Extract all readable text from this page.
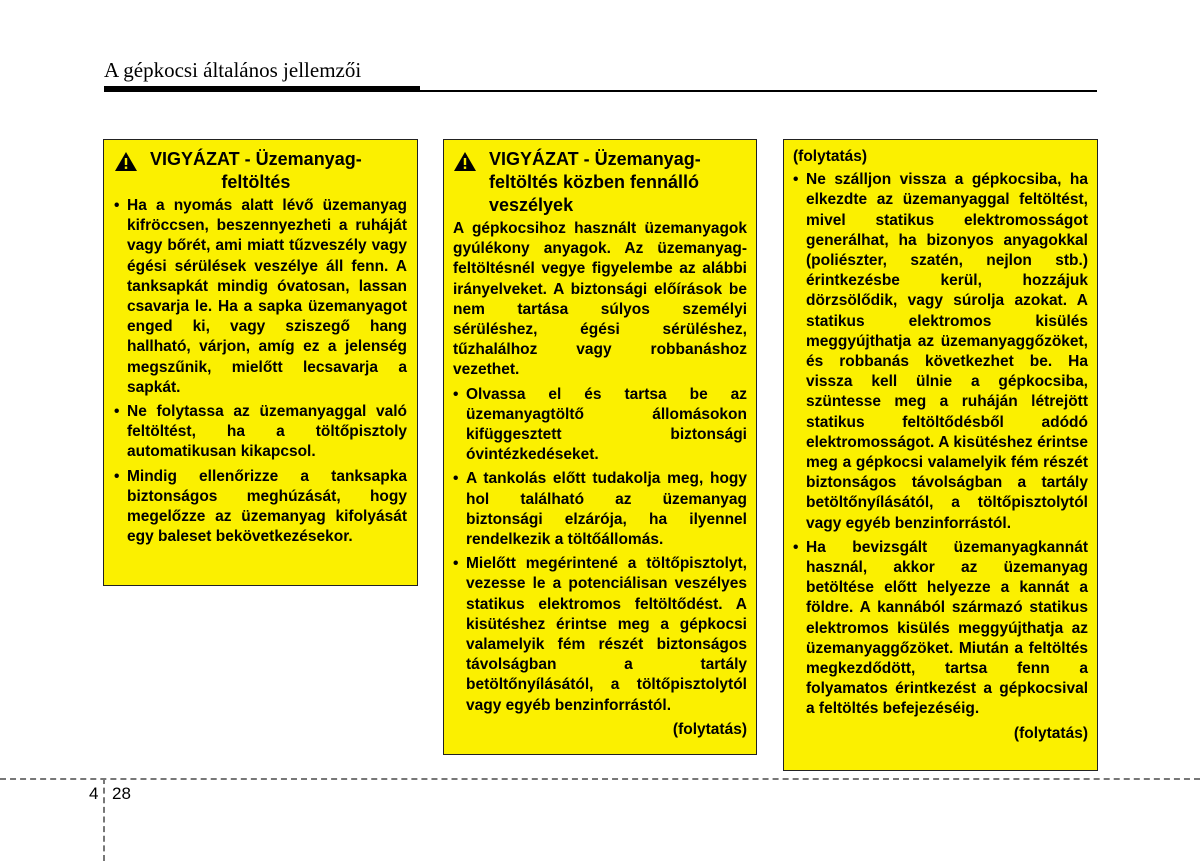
A gépkocsi általános jellemzői
VIGYÁZAT - Üzemanyag-
feltöltés
• Ha a nyomás alatt lévő üzemanyag kifröccsen, beszennyezheti a ruháját vagy bőrét, ami miatt tűzveszély vagy égési sérülések veszélye áll fenn. A tanksapkát mindig óvatosan, lassan csavarja le. Ha a sapka üzemanyagot enged ki, vagy sziszegő hang hallható, várjon, amíg ez a jelenség megszűnik, mielőtt lecsavarja a sapkát.
• Ne folytassa az üzemanyaggal való feltöltést, ha a töltőpisztoly automatikusan kikapcsol.
• Mindig ellenőrizze a tanksapka biztonságos meghúzását, hogy megelőzze az üzemanyag kifolyását egy baleset bekövetkezésekor.
VIGYÁZAT - Üzemanyag-feltöltés közben fennálló veszélyek
A gépkocsihoz használt üzemanyagok gyúlékony anyagok. Az üzemanyag-feltöltésnél vegye figyelembe az alábbi irányelveket. A biztonsági előírások be nem tartása súlyos személyi sérüléshez, égési sérüléshez, tűzhalálhoz vagy robbanáshoz vezethet.
• Olvassa el és tartsa be az üzemanyagtöltő állomásokon kifüggesztett biztonsági óvintézkedéseket.
• A tankolás előtt tudakolja meg, hogy hol található az üzemanyag biztonsági elzárója, ha ilyennel rendelkezik a töltőállomás.
• Mielőtt megérintené a töltőpisztolyt, vezesse le a potenciálisan veszélyes statikus elektromos feltöltődést. A kisütéshez érintse meg a gépkocsi valamelyik fém részét biztonságos távolságban a tartály betöltőnyílásától, a töltőpisztolytól vagy egyéb benzinforrástól.
(folytatás)
(folytatás)
• Ne szálljon vissza a gépkocsiba, ha elkezdte az üzemanyaggal feltöltést, mivel statikus elektromosságot generálhat, ha bizonyos anyagokkal (poliészter, szatén, nejlon stb.) érintkezésbe kerül, hozzájuk dörzsölődik, vagy súrolja azokat. A statikus elektromos kisülés meggyújthatja az üzemanyaggőzöket, és robbanás következhet be. Ha vissza kell ülnie a gépkocsiba, szüntesse meg a ruháján létrejött statikus feltöltődésből adódó elektromosságot. A kisütéshez érintse meg a gépkocsi valamelyik fém részét biztonságos távolságban a tartály betöltőnyílásától, a töltőpisztolytól vagy egyéb benzinforrástól.
• Ha bevizsgált üzemanyagkannát használ, akkor az üzemanyag betöltése előtt helyezze a kannát a földre. A kannából származó statikus elektromos kisülés meggyújthatja az üzemanyaggőzöket. Miután a feltöltés megkezdődött, tartsa fenn a folyamatos érintkezést a gépkocsival a feltöltés befejezéséig.
(folytatás)
4 28
